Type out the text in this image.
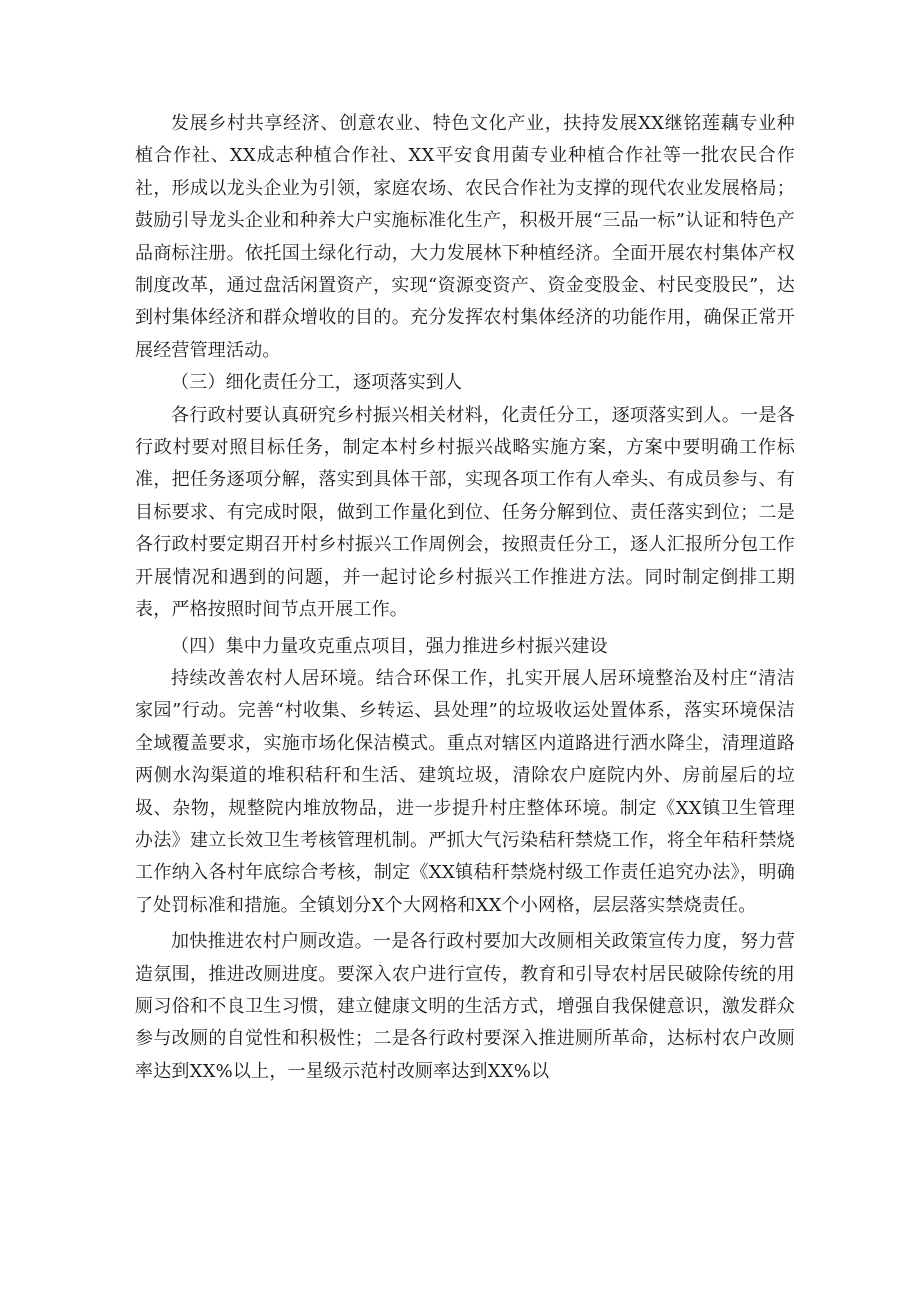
发展乡村共享经济、创意农业、特色文化产业，扶持发展XX继铭莲藕专业种植合作社、XX成志种植合作社、XX平安食用菌专业种植合作社等一批农民合作社，形成以龙头企业为引领，家庭农场、农民合作社为支撑的现代农业发展格局；鼓励引导龙头企业和种养大户实施标准化生产，积极开展“三品一标”认证和特色产品商标注册。依托国土绿化行动，大力发展林下种植经济。全面开展农村集体产权制度改革，通过盘活闲置资产，实现“资源变资产、资金变股金、村民变股民”，达到村集体经济和群众增收的目的。充分发挥农村集体经济的功能作用，确保正常开展经营管理活动。

（三）细化责任分工，逐项落实到人

各行政村要认真研究乡村振兴相关材料，化责任分工，逐项落实到人。一是各行政村要对照目标任务，制定本村乡村振兴战略实施方案，方案中要明确工作标准，把任务逐项分解，落实到具体干部，实现各项工作有人牵头、有成员参与、有目标要求、有完成时限，做到工作量化到位、任务分解到位、责任落实到位；二是各行政村要定期召开村乡村振兴工作周例会，按照责任分工，逐人汇报所分包工作开展情况和遇到的问题，并一起讨论乡村振兴工作推进方法。同时制定倒排工期表，严格按照时间节点开展工作。

（四）集中力量攻克重点项目，强力推进乡村振兴建设

持续改善农村人居环境。结合环保工作，扎实开展人居环境整治及村庄“清洁家园”行动。完善“村收集、乡转运、县处理”的垃圾收运处置体系，落实环境保洁全域覆盖要求，实施市场化保洁模式。重点对辖区内道路进行洒水降尘，清理道路两侧水沟渠道的堆积秸秆和生活、建筑垃圾，清除农户庭院内外、房前屋后的垃圾、杂物，规整院内堆放物品，进一步提升村庄整体环境。制定《XX镇卫生管理办法》建立长效卫生考核管理机制。严抓大气污染秸秆禁烧工作，将全年秸秆禁烧工作纳入各村年底综合考核，制定《XX镇秸秆禁烧村级工作责任追究办法》，明确了处罚标准和措施。全镇划分X个大网格和XX个小网格，层层落实禁烧责任。

加快推进农村户厕改造。一是各行政村要加大改厕相关政策宣传力度，努力营造氛围，推进改厕进度。要深入农户进行宣传，教育和引导农村居民破除传统的用厕习俗和不良卫生习惯，建立健康文明的生活方式，增强自我保健意识，激发群众参与改厕的自觉性和积极性；二是各行政村要深入推进厕所革命，达标村农户改厕率达到XX%以上，一星级示范村改厕率达到XX%以
